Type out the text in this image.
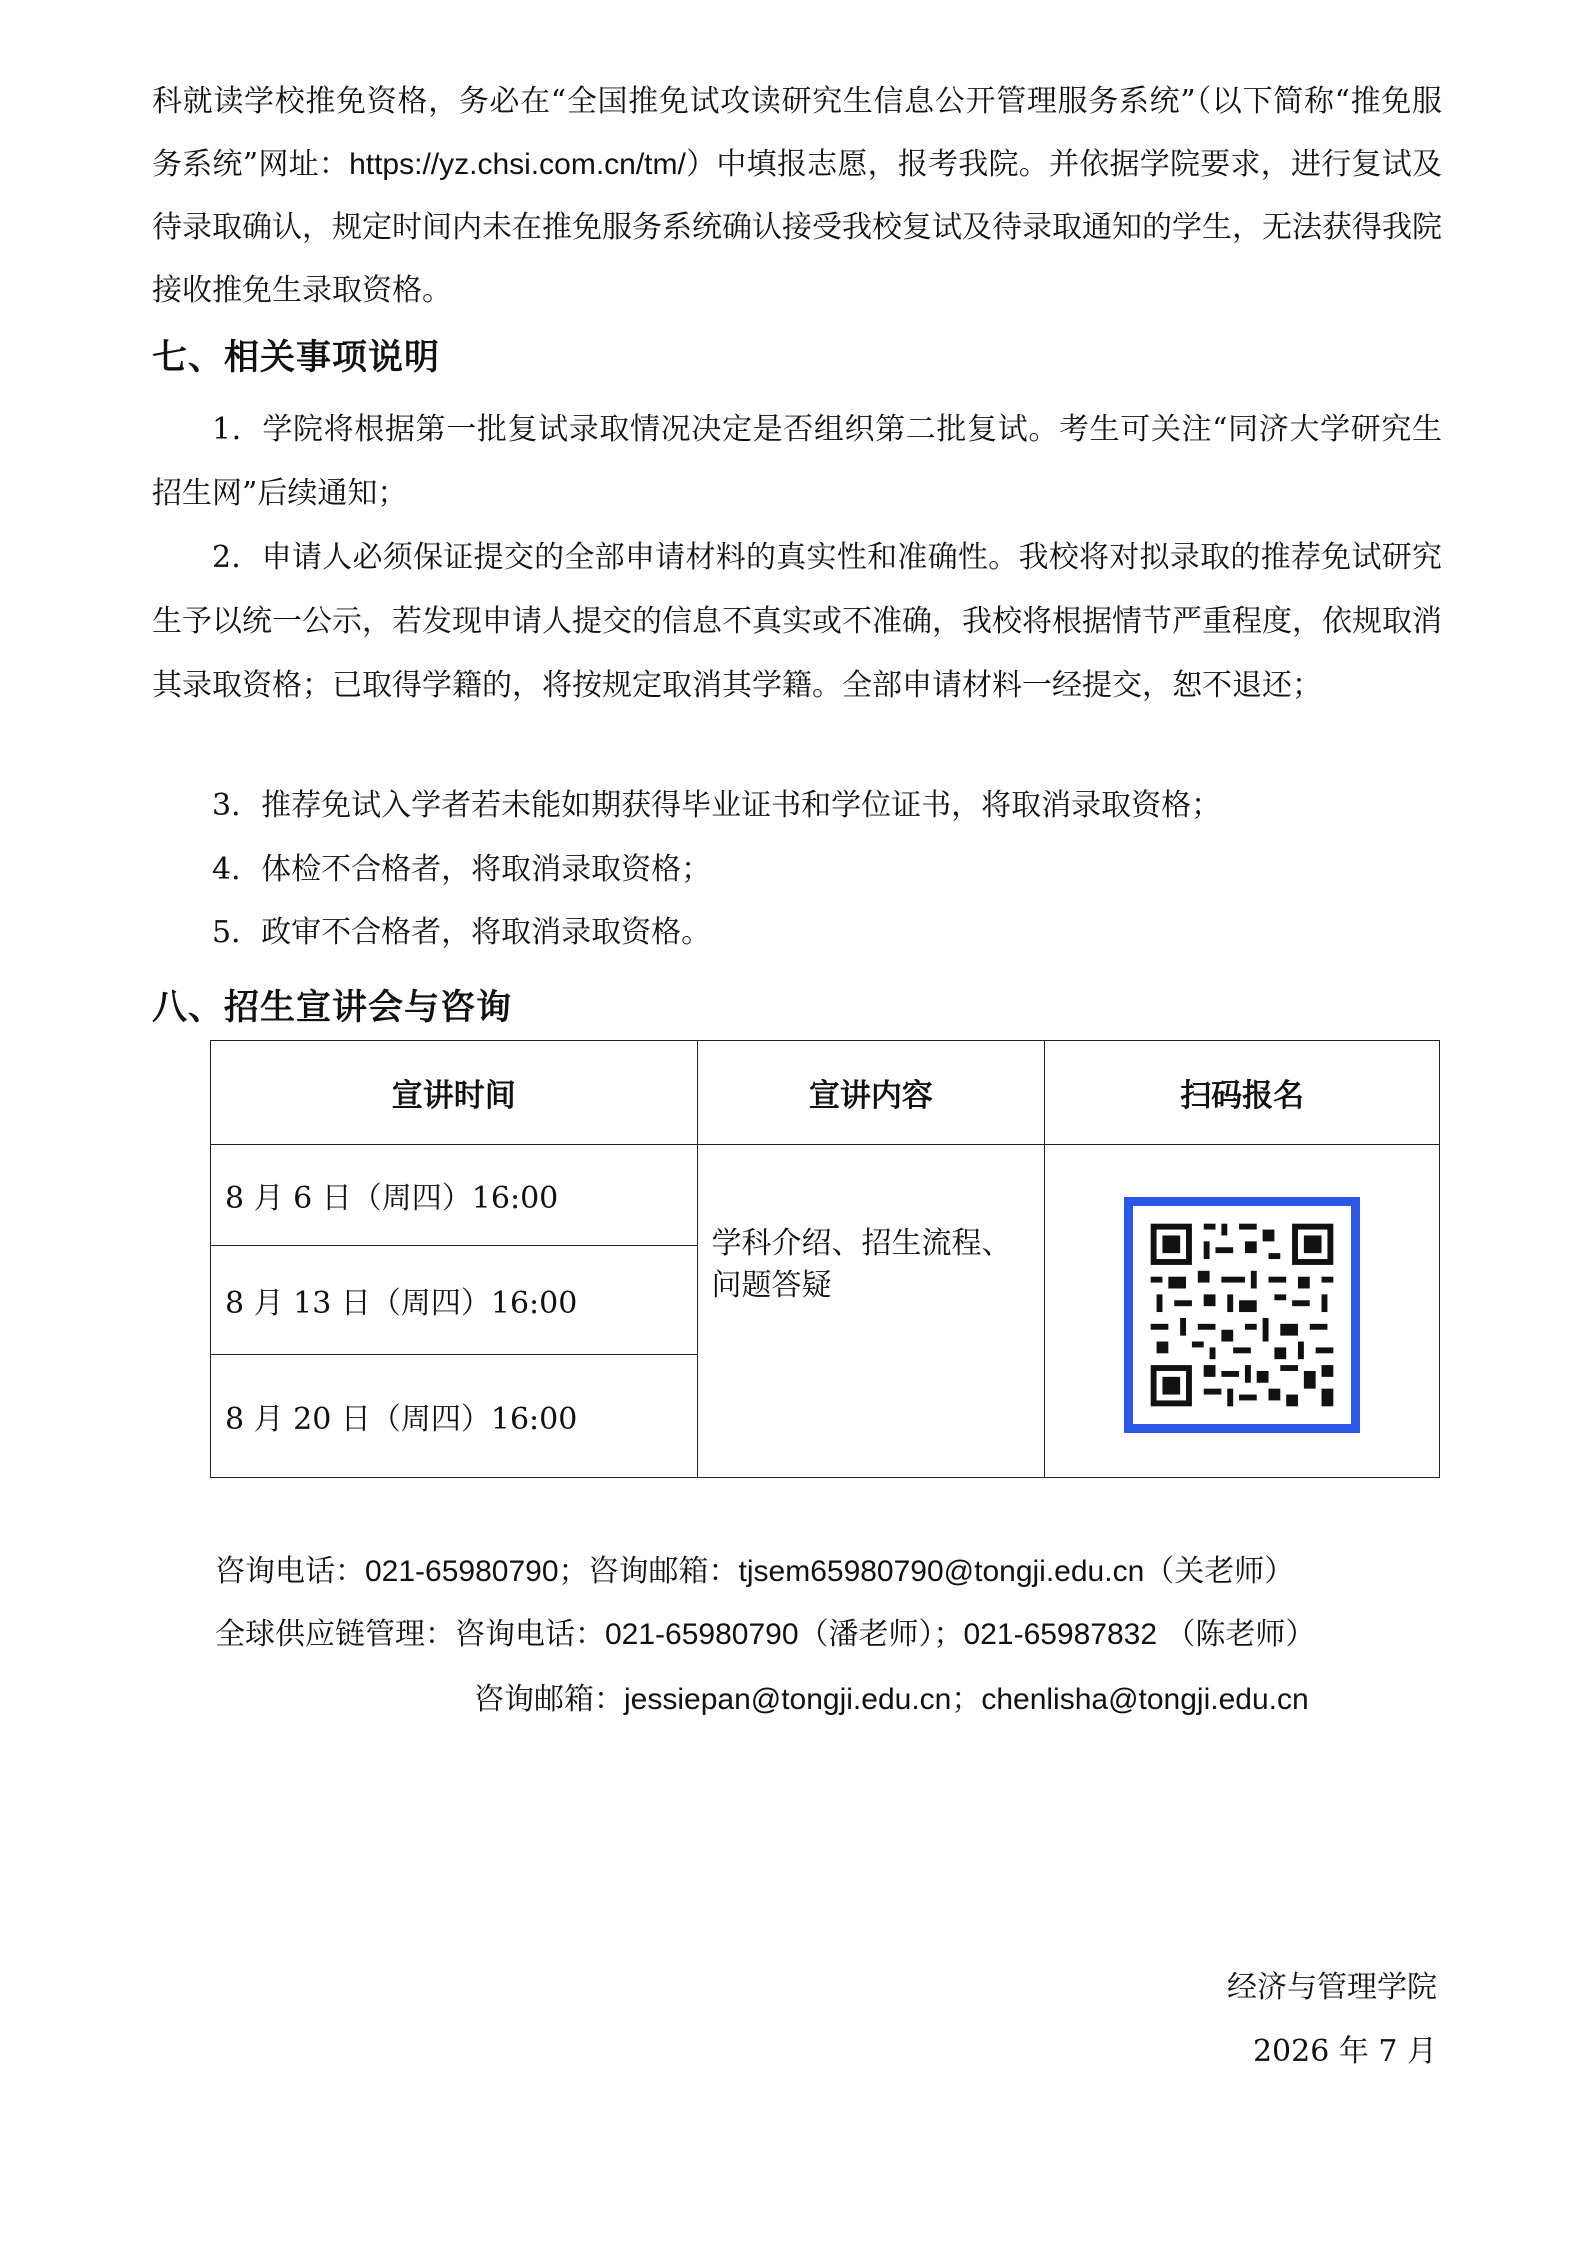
科就读学校推免资格，务必在“全国推免试攻读研究生信息公开管理服务系统”（以下简称“推免服务系统”网址：https://yz.chsi.com.cn/tm/）中填报志愿，报考我院。并依据学院要求，进行复试及待录取确认，规定时间内未在推免服务系统确认接受我校复试及待录取通知的学生，无法获得我院接收推免生录取资格。

七、相关事项说明

1．学院将根据第一批复试录取情况决定是否组织第二批复试。考生可关注“同济大学研究生招生网”后续通知；

2．申请人必须保证提交的全部申请材料的真实性和准确性。我校将对拟录取的推荐免试研究生予以统一公示，若发现申请人提交的信息不真实或不准确，我校将根据情节严重程度，依规取消其录取资格；已取得学籍的，将按规定取消其学籍。全部申请材料一经提交，恕不退还；

3．推荐免试入学者若未能如期获得毕业证书和学位证书，将取消录取资格；

4．体检不合格者，将取消录取资格；

5．政审不合格者，将取消录取资格。

八、招生宣讲会与咨询

宣讲时间	宣讲内容	扫码报名
8 月 6 日（周四）16:00	学科介绍、招生流程、问题答疑	
8 月 13 日（周四）16:00		
8 月 20 日（周四）16:00		

咨询电话：021-65980790；咨询邮箱：tjsem65980790@tongji.edu.cn（关老师）

全球供应链管理：咨询电话：021-65980790（潘老师）；021-65987832 （陈老师）

咨询邮箱：jessiepan@tongji.edu.cn；chenlisha@tongji.edu.cn

经济与管理学院

2026 年 7 月
